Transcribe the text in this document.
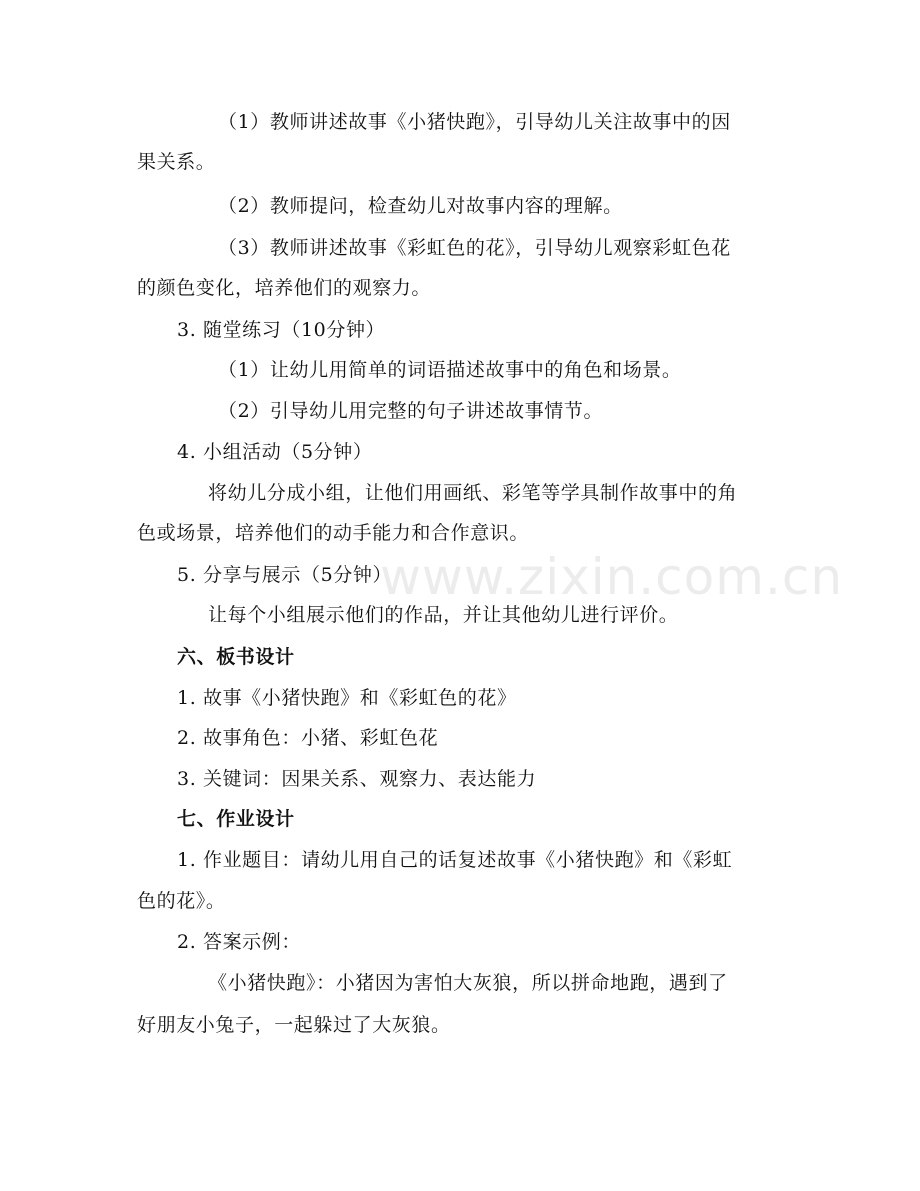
www.zixin.com.cn
（1）教师讲述故事《小猪快跑》，引导幼儿关注故事中的因
果关系。
（2）教师提问，检查幼儿对故事内容的理解。
（3）教师讲述故事《彩虹色的花》，引导幼儿观察彩虹色花
的颜色变化，培养他们的观察力。
3. 随堂练习（10分钟）
（1）让幼儿用简单的词语描述故事中的角色和场景。
（2）引导幼儿用完整的句子讲述故事情节。
4. 小组活动（5分钟）
将幼儿分成小组，让他们用画纸、彩笔等学具制作故事中的角
色或场景，培养他们的动手能力和合作意识。
5. 分享与展示（5分钟）
让每个小组展示他们的作品，并让其他幼儿进行评价。
六、板书设计
1. 故事《小猪快跑》和《彩虹色的花》
2. 故事角色：小猪、彩虹色花
3. 关键词：因果关系、观察力、表达能力
七、作业设计
1. 作业题目：请幼儿用自己的话复述故事《小猪快跑》和《彩虹
色的花》。
2. 答案示例：
《小猪快跑》：小猪因为害怕大灰狼，所以拼命地跑，遇到了
好朋友小兔子，一起躲过了大灰狼。
